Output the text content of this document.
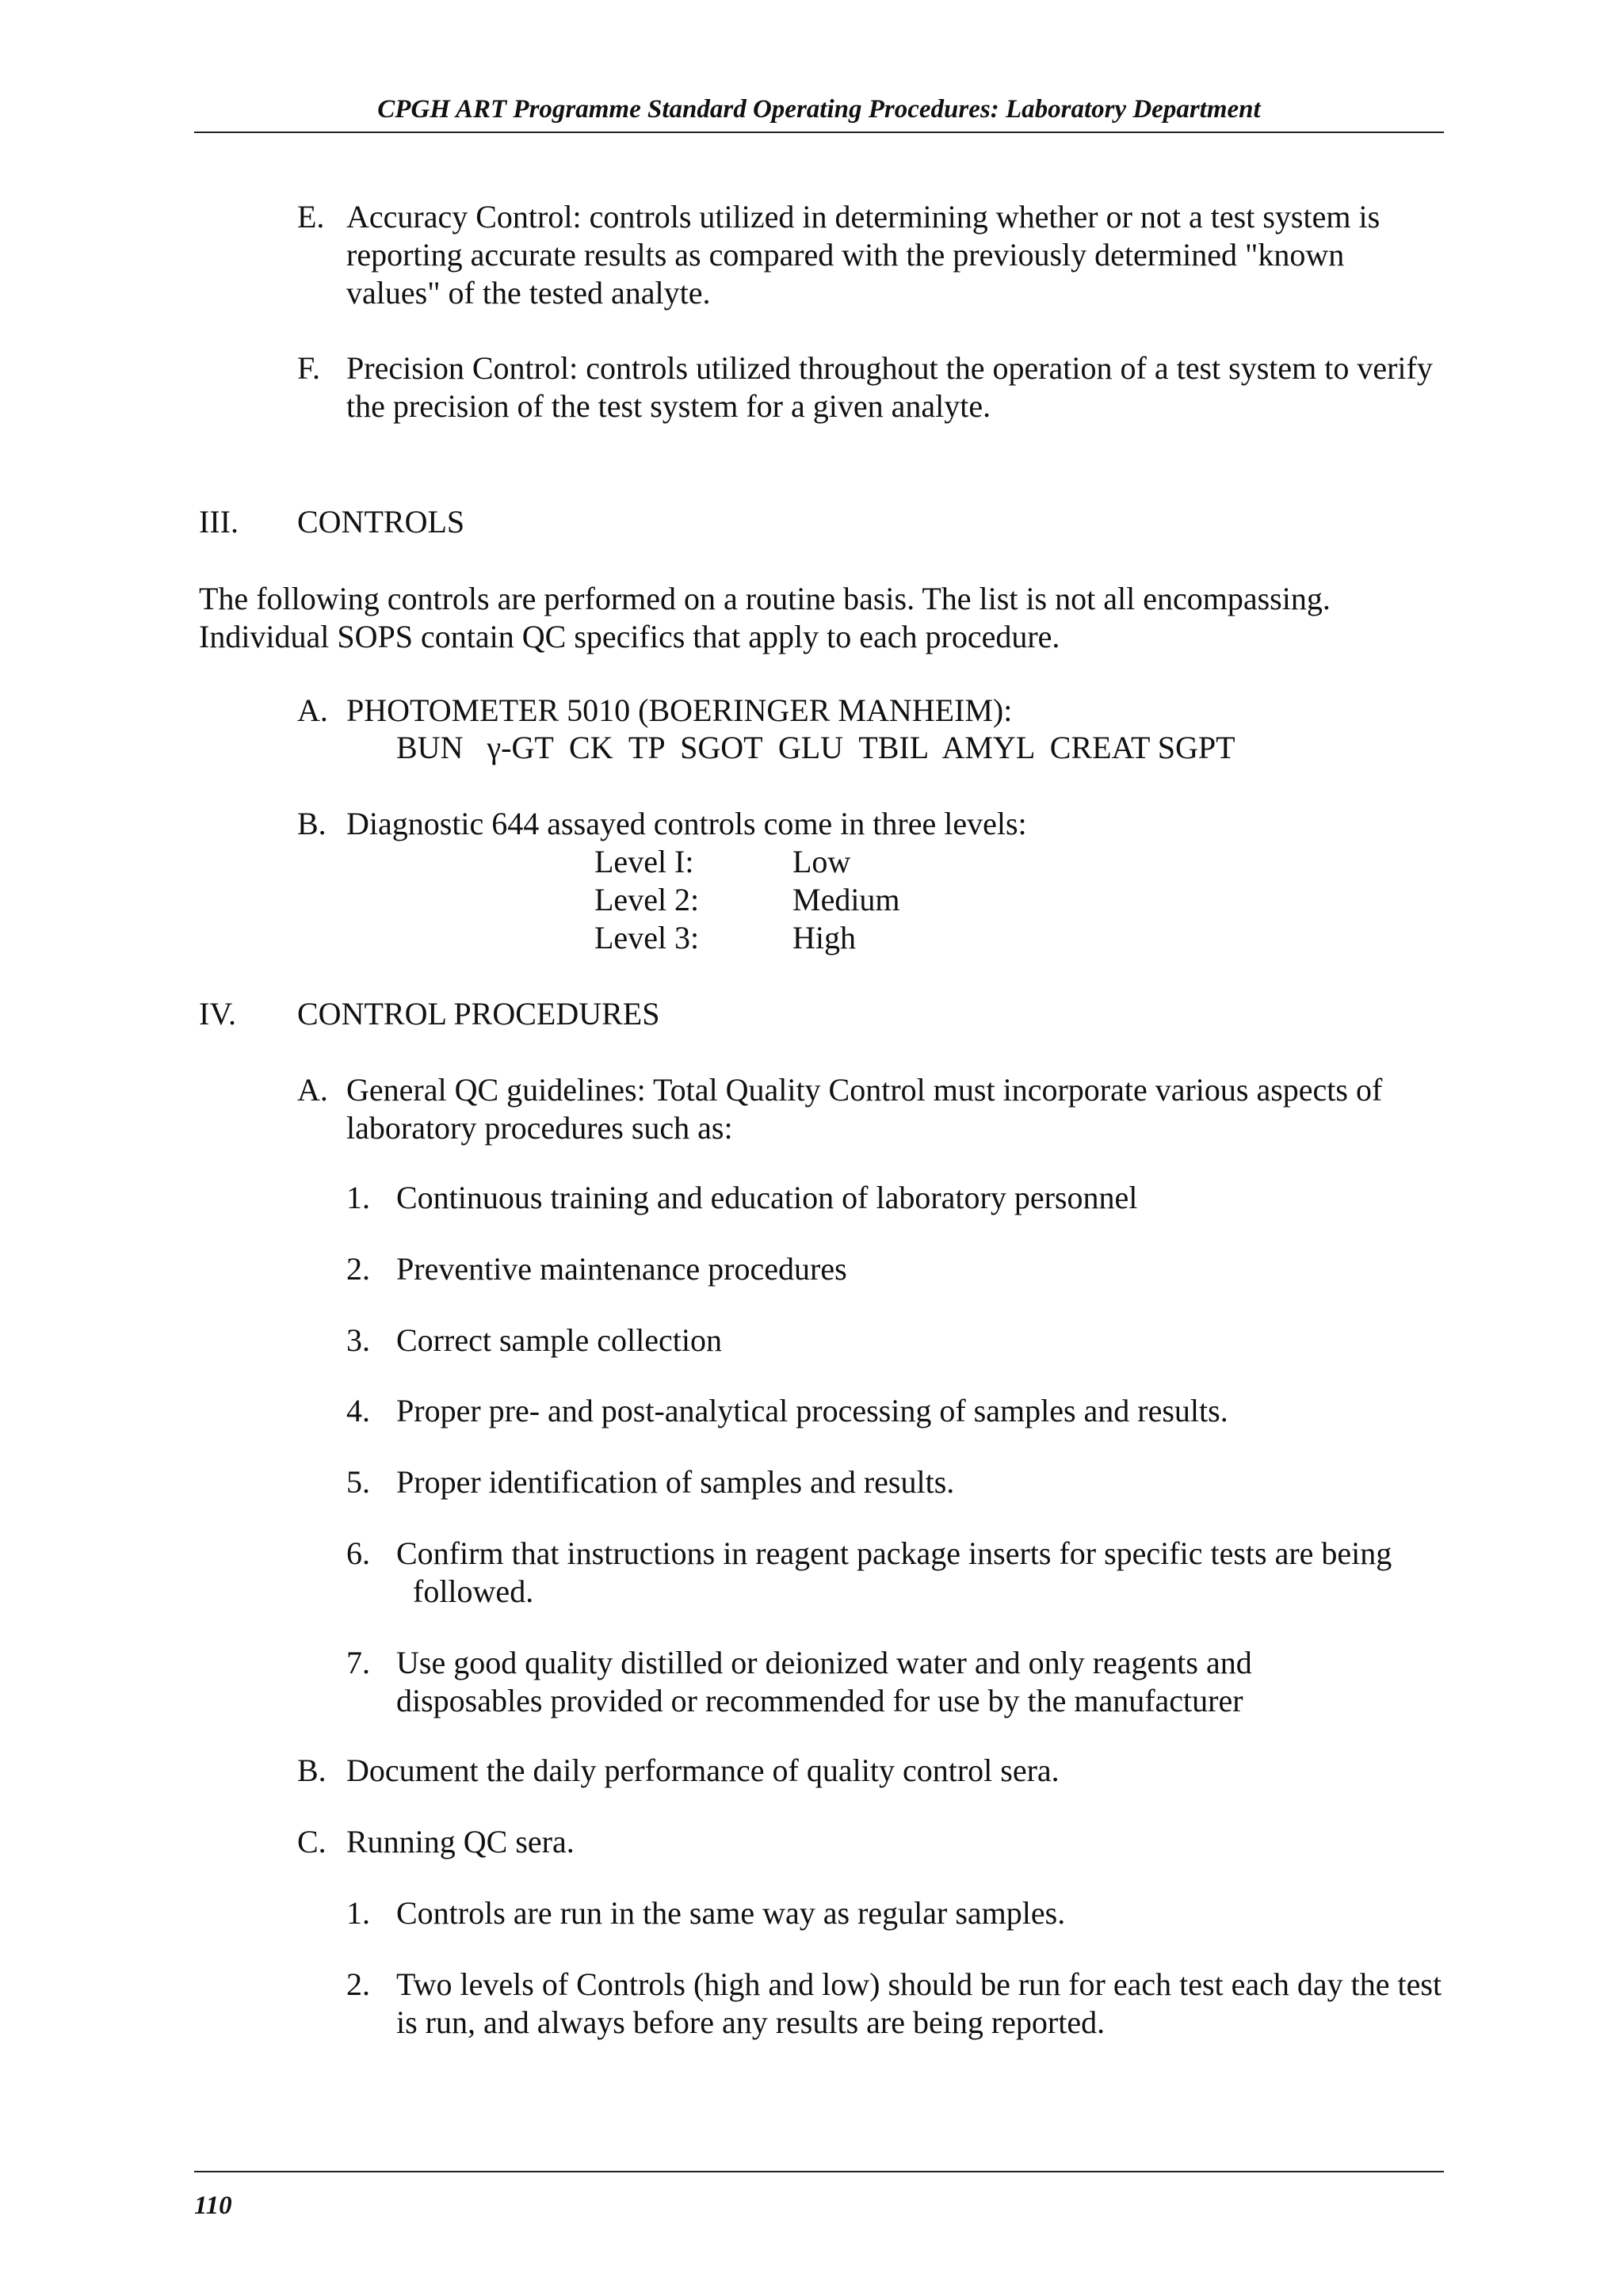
CPGH ART Programme Standard Operating Procedures: Laboratory Department
E. Accuracy Control: controls utilized in determining whether or not a test system is reporting accurate results as compared with the previously determined "known values" of the tested analyte.
F. Precision Control: controls utilized throughout the operation of a test system to verify the precision of the test system for a given analyte.
III. CONTROLS
The following controls are performed on a routine basis. The list is not all encompassing. Individual SOPS contain QC specifics that apply to each procedure.
A. PHOTOMETER 5010 (BOERINGER MANHEIM):
BUN   γ-GT  CK  TP  SGOT  GLU  TBIL  AMYL  CREAT SGPT
B. Diagnostic 644 assayed controls come in three levels:
Level I:	Low
Level 2:	Medium
Level 3:	High
IV. CONTROL PROCEDURES
A. General QC guidelines: Total Quality Control must incorporate various aspects of laboratory procedures such as:
1. Continuous training and education of laboratory personnel
2. Preventive maintenance procedures
3. Correct sample collection
4. Proper pre- and post-analytical processing of samples and results.
5. Proper identification of samples and results.
6. Confirm that instructions in reagent package inserts for specific tests are being
followed.
7. Use good quality distilled or deionized water and only reagents and disposables provided or recommended for use by the manufacturer
B. Document the daily performance of quality control sera.
C. Running QC sera.
1. Controls are run in the same way as regular samples.
2. Two levels of Controls (high and low) should be run for each test each day the test is run, and always before any results are being reported.
110
